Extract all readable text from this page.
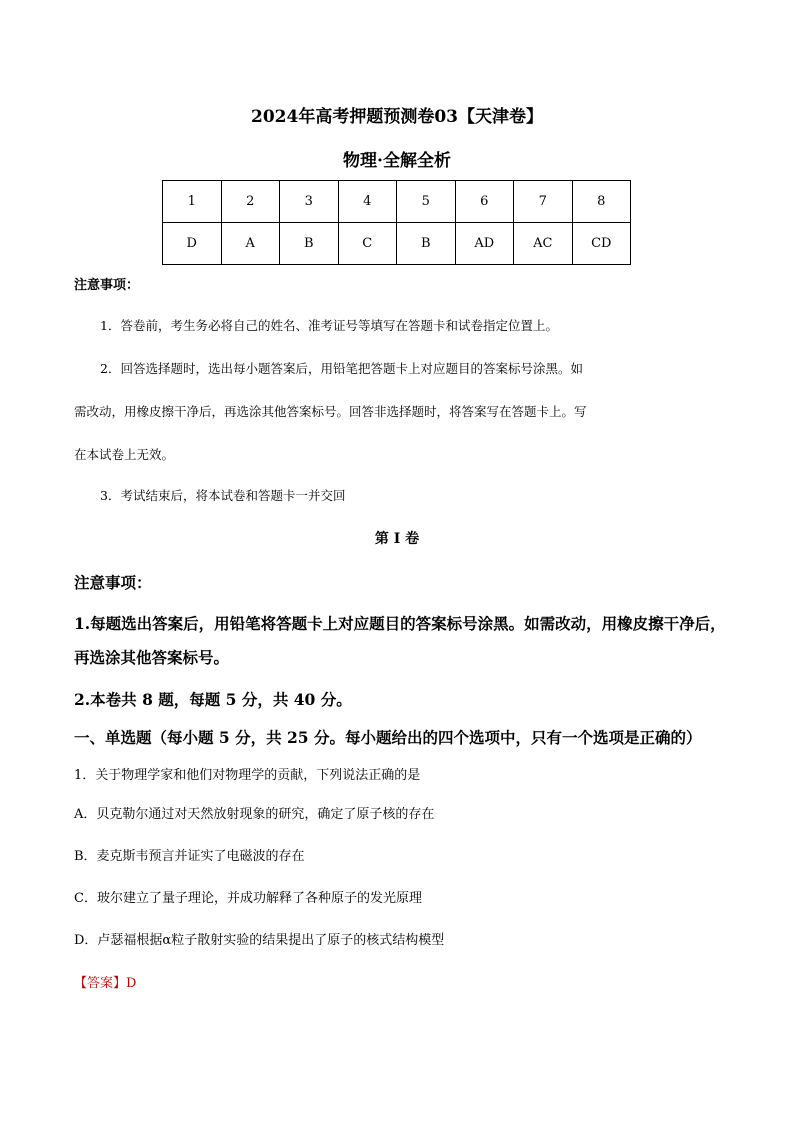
2024年高考押题预测卷03【天津卷】
物理·全解全析
1	2	3	4	5	6	7	8
D	A	B	C	B	AD	AC	CD
注意事项：
1．答卷前，考生务必将自己的姓名、准考证号等填写在答题卡和试卷指定位置上。
2．回答选择题时，选出每小题答案后，用铅笔把答题卡上对应题目的答案标号涂黑。如
需改动，用橡皮擦干净后，再选涂其他答案标号。回答非选择题时，将答案写在答题卡上。写
在本试卷上无效。
3．考试结束后，将本试卷和答题卡一并交回
第 I 卷
注意事项：
1.每题选出答案后，用铅笔将答题卡上对应题目的答案标号涂黑。如需改动，用橡皮擦干净后，
再选涂其他答案标号。
2.本卷共 8 题，每题 5 分，共 40 分。
一、单选题（每小题 5 分，共 25 分。每小题给出的四个选项中，只有一个选项是正确的）
1．关于物理学家和他们对物理学的贡献，下列说法正确的是
A．贝克勒尔通过对天然放射现象的研究，确定了原子核的存在
B．麦克斯韦预言并证实了电磁波的存在
C．玻尔建立了量子理论，并成功解释了各种原子的发光原理
D．卢瑟福根据α粒子散射实验的结果提出了原子的核式结构模型
【答案】D
